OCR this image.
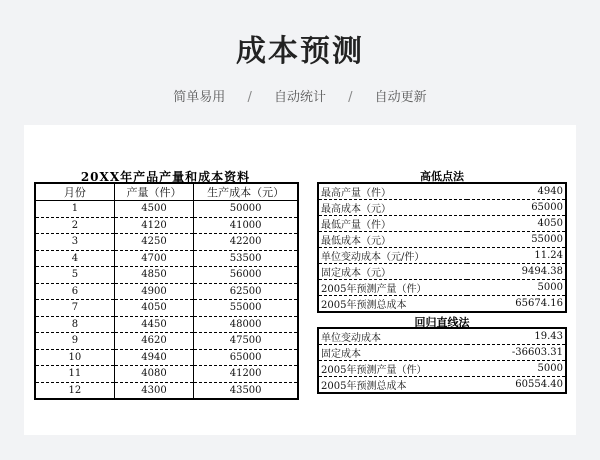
成本预测
简单易用 / 自动统计 / 自动更新
20XX年产品产量和成本资料
月份	产量（件）	生产成本（元）
1	4500	50000
2	4120	41000
3	4250	42200
4	4700	53500
5	4850	56000
6	4900	62500
7	4050	55000
8	4450	48000
9	4620	47500
10	4940	65000
11	4080	41200
12	4300	43500
高低点法
最高产量（件）	4940
最高成本（元）	65000
最低产量（件）	4050
最低成本（元）	55000
单位变动成本（元/件）	11.24
固定成本（元）	9494.38
2005年预测产量（件）	5000
2005年预测总成本	65674.16
回归直线法
单位变动成本	19.43
固定成本	-36603.31
2005年预测产量（件）	5000
2005年预测总成本	60554.40
